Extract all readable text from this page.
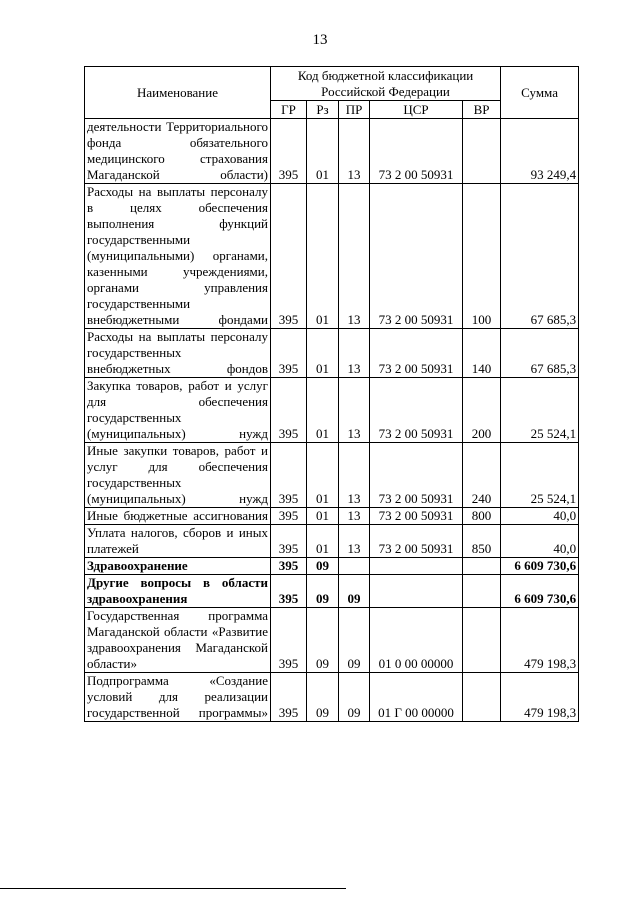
13
Наименование	Код бюджетной классификации Российской Федерации					Сумма
	ГР	Рз	ПР	ЦСР	ВР	
деятельности Территориального фонда обязательного медицинского страхования Магаданской области)	395	01	13	73 2 00 50931		93 249,4
Расходы на выплаты персоналу в целях обеспечения выполнения функций государственными (муниципальными) органами, казенными учреждениями, органами управления государственными внебюджетными фондами	395	01	13	73 2 00 50931	100	67 685,3
Расходы на выплаты персоналу государственных внебюджетных фондов	395	01	13	73 2 00 50931	140	67 685,3
Закупка товаров, работ и услуг для обеспечения государственных (муниципальных) нужд	395	01	13	73 2 00 50931	200	25 524,1
Иные закупки товаров, работ и услуг для обеспечения государственных (муниципальных) нужд	395	01	13	73 2 00 50931	240	25 524,1
Иные бюджетные ассигнования	395	01	13	73 2 00 50931	800	40,0
Уплата налогов, сборов и иных платежей	395	01	13	73 2 00 50931	850	40,0
Здравоохранение	395	09				6 609 730,6
Другие вопросы в области здравоохранения	395	09	09			6 609 730,6
Государственная программа Магаданской области «Развитие здравоохранения Магаданской области»	395	09	09	01 0 00 00000		479 198,3
Подпрограмма «Создание условий для реализации государственной программы»	395	09	09	01 Г 00 00000		479 198,3
